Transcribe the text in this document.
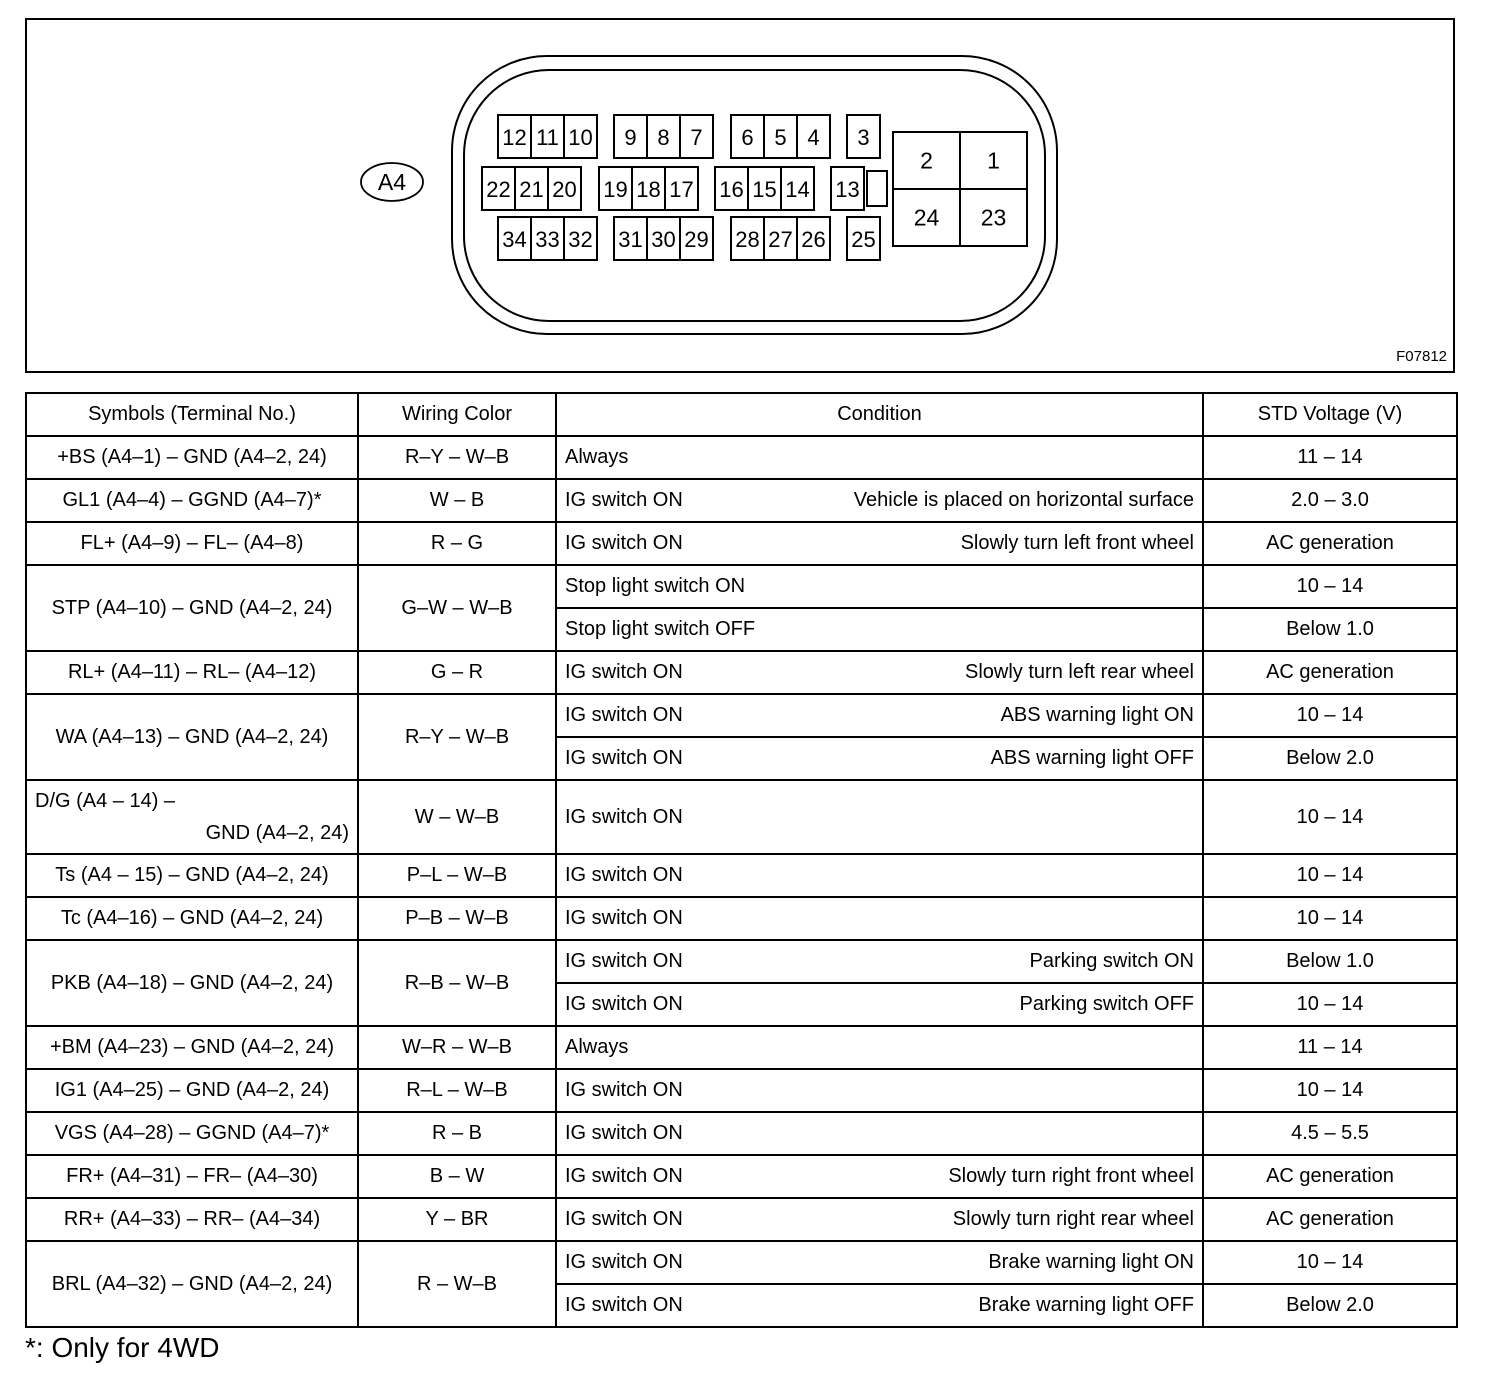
A4
12 11 10 9 8 7 6 5 4 3
22 21 20 19 18 17 16 15 14 13
34 33 32 31 30 29 28 27 26 25
2 1
24 23
F07812
Symbols (Terminal No.)	Wiring Color	Condition	STD Voltage (V)
+BS (A4–1) – GND (A4–2, 24)	R–Y – W–B	Always	11 – 14
GL1 (A4–4) – GGND (A4–7)*	W – B	IG switch ON Vehicle is placed on horizontal surface	2.0 – 3.0
FL+ (A4–9) – FL– (A4–8)	R – G	IG switch ON Slowly turn left front wheel	AC generation
STP (A4–10) – GND (A4–2, 24)	G–W – W–B	Stop light switch ON	10 – 14

		Stop light switch OFF	Below 1.0
RL+ (A4–11) – RL– (A4–12)	G – R	IG switch ON Slowly turn left rear wheel	AC generation
WA (A4–13) – GND (A4–2, 24)	R–Y – W–B	IG switch ON ABS warning light ON	10 – 14

		IG switch ON ABS warning light OFF	Below 2.0
D/G (A4 – 14) –
GND (A4–2, 24)	W – W–B	IG switch ON	10 – 14
Ts (A4 – 15) – GND (A4–2, 24)	P–L – W–B	IG switch ON	10 – 14
Tc (A4–16) – GND (A4–2, 24)	P–B – W–B	IG switch ON	10 – 14
PKB (A4–18) – GND (A4–2, 24)	R–B – W–B	IG switch ON Parking switch ON	Below 1.0

		IG switch ON Parking switch OFF	10 – 14
+BM (A4–23) – GND (A4–2, 24)	W–R – W–B	Always	11 – 14
IG1 (A4–25) – GND (A4–2, 24)	R–L – W–B	IG switch ON	10 – 14
VGS (A4–28) – GGND (A4–7)*	R – B	IG switch ON	4.5 – 5.5
FR+ (A4–31) – FR– (A4–30)	B – W	IG switch ON Slowly turn right front wheel	AC generation
RR+ (A4–33) – RR– (A4–34)	Y – BR	IG switch ON Slowly turn right rear wheel	AC generation
BRL (A4–32) – GND (A4–2, 24)	R – W–B	IG switch ON Brake warning light ON	10 – 14

		IG switch ON Brake warning light OFF	Below 2.0
*: Only for 4WD
